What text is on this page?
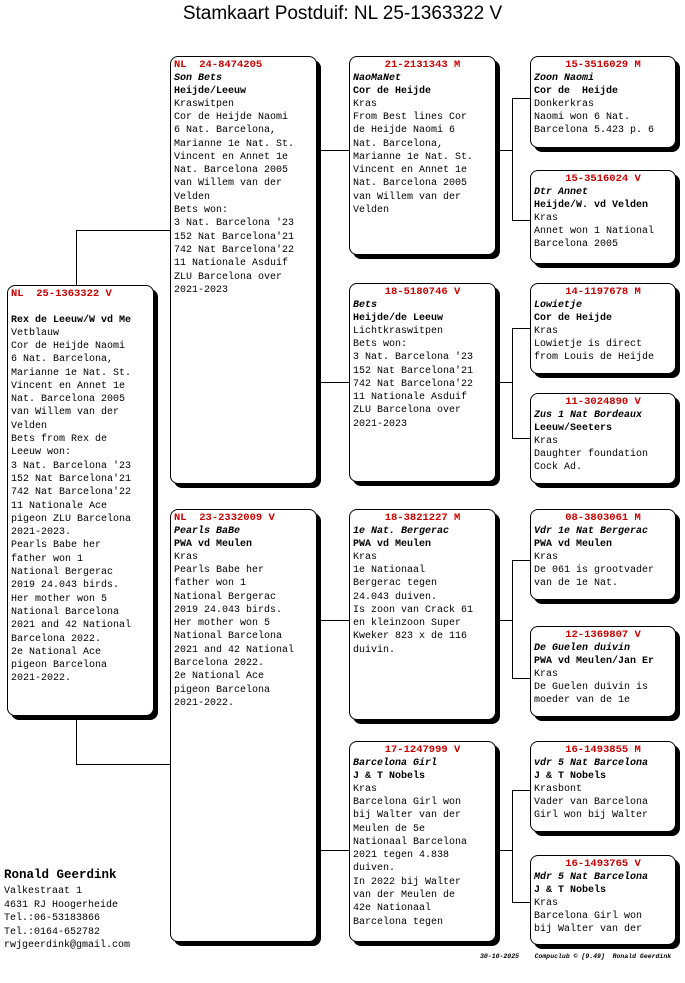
Stamkaart Postduif: NL 25-1363322 V
NL  25-1363322 V

Rex de Leeuw/W vd Me
Vetblauw
Cor de Heijde Naomi
6 Nat. Barcelona,
Marianne 1e Nat. St.
Vincent en Annet 1e
Nat. Barcelona 2005
van Willem van der
Velden
Bets from Rex de
Leeuw won:
3 Nat. Barcelona '23
152 Nat Barcelona'21
742 Nat Barcelona'22
11 Nationale Ace
pigeon ZLU Barcelona
2021-2023.
Pearls Babe her
father won 1
National Bergerac
2019 24.043 birds.
Her mother won 5
National Barcelona
2021 and 42 National
Barcelona 2022.
2e National Ace
pigeon Barcelona
2021-2022.
NL  24-8474205
Son Bets
Heijde/Leeuw
Kraswitpen
Cor de Heijde Naomi
6 Nat. Barcelona,
Marianne 1e Nat. St.
Vincent en Annet 1e
Nat. Barcelona 2005
van Willem van der
Velden
Bets won:
3 Nat. Barcelona '23
152 Nat Barcelona'21
742 Nat Barcelona'22
11 Nationale Asduif
ZLU Barcelona over
2021-2023
NL  23-2332009 V
Pearls BaBe
PWA vd Meulen
Kras
Pearls Babe her
father won 1
National Bergerac
2019 24.043 birds.
Her mother won 5
National Barcelona
2021 and 42 National
Barcelona 2022.
2e National Ace
pigeon Barcelona
2021-2022.
21-2131343 M
NaoMaNet
Cor de Heijde
Kras
From Best lines Cor
de Heijde Naomi 6
Nat. Barcelona,
Marianne 1e Nat. St.
Vincent en Annet 1e
Nat. Barcelona 2005
van Willem van der
Velden
18-5180746 V
Bets
Heijde/de Leeuw
Lichtkraswitpen
Bets won:
3 Nat. Barcelona '23
152 Nat Barcelona'21
742 Nat Barcelona'22
11 Nationale Asduif
ZLU Barcelona over
2021-2023
18-3821227 M
1e Nat. Bergerac
PWA vd Meulen
Kras
1e Nationaal
Bergerac tegen
24.043 duiven.
Is zoon van Crack 61
en kleinzoon Super
Kweker 823 x de 116
duivin.
17-1247999 V
Barcelona Girl
J & T Nobels
Kras
Barcelona Girl won
bij Walter van der
Meulen de 5e
Nationaal Barcelona
2021 tegen 4.838
duiven.
In 2022 bij Walter
van der Meulen de
42e Nationaal
Barcelona tegen
15-3516029 M
Zoon Naomi
Cor de  Heijde
Donkerkras
Naomi won 6 Nat.
Barcelona 5.423 p. 6
15-3516024 V
Dtr Annet
Heijde/W. vd Velden
Kras
Annet won 1 National
Barcelona 2005
14-1197678 M
Lowietje
Cor de Heijde
Kras
Lowietje is direct
from Louis de Heijde
11-3024890 V
Zus 1 Nat Bordeaux
Leeuw/Seeters
Kras
Daughter foundation
Cock Ad.
08-3803061 M
Vdr 1e Nat Bergerac
PWA vd Meulen
Kras
De 061 is grootvader
van de 1e Nat.
12-1369807 V
De Guelen duivin
PWA vd Meulen/Jan Er
Kras
De Guelen duivin is
moeder van de 1e
16-1493855 M
vdr 5 Nat Barcelona
J & T Nobels
Krasbont
Vader van Barcelona
Girl won bij Walter
16-1493765 V
Mdr 5 Nat Barcelona
J & T Nobels
Kras
Barcelona Girl won
bij Walter van der
Ronald Geerdink
Valkestraat 1
4631 RJ Hoogerheide
Tel.:06-53183866
Tel.:0164-652782
rwjgeerdink@gmail.com
30-10-2025    Compuclub © [9.49]  Ronald Geerdink
